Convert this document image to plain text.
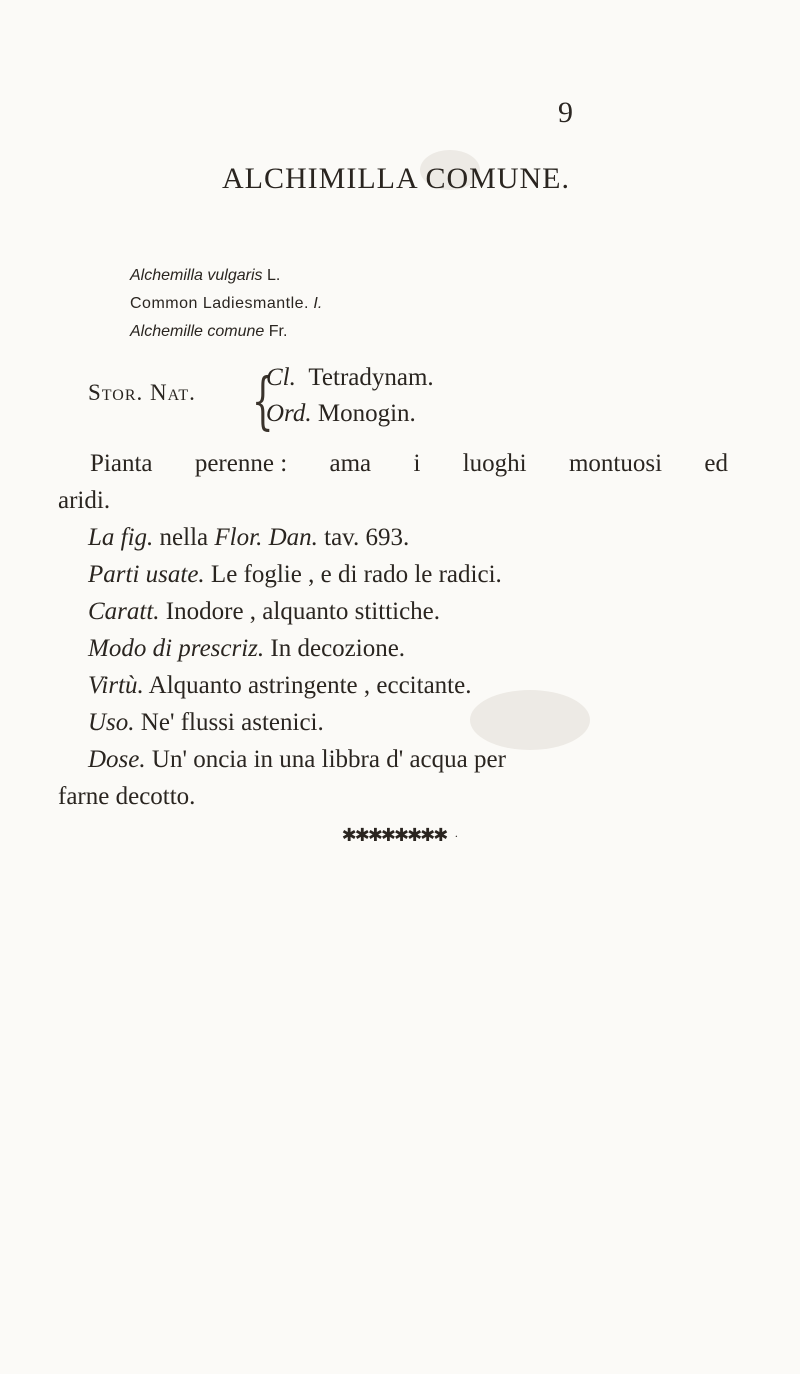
9
ALCHIMILLA COMUNE.
Alchemilla vulgaris L.
Common Ladiesmantle. I.
Alchemille comune Fr.
Stor. Nat. {
Cl. Tetradynam.
Ord. Monogin.
Pianta perenne : ama i luoghi montuosi ed
aridi.
La fig. nella Flor. Dan. tav. 693.
Parti usate. Le foglie , e di rado le radici.
Caratt. Inodore , alquanto stittiche.
Modo di prescriz. In decozione.
Virtù. Alquanto astringente , eccitante.
Uso. Ne' flussi astenici.
Dose. Un' oncia in una libbra d' acqua per
farne decotto.
✱✱✱✱✱✱✱✱ ·
